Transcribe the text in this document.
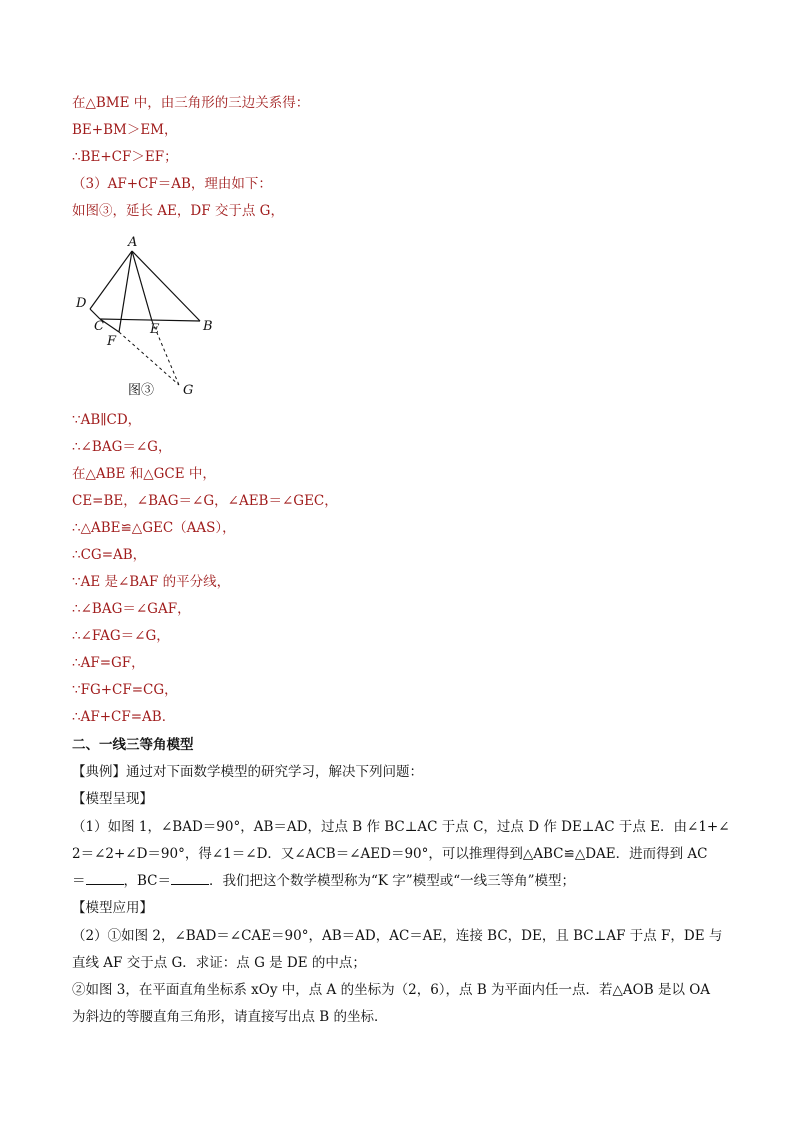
在△BME 中，由三角形的三边关系得：
BE+BM＞EM，
∴BE+CF＞EF；
（3）AF+CF＝AB，理由如下：
如图③，延长 AE，DF 交于点 G，
A
D
C	E	B
F
G
图③
∵AB∥CD，
∴∠BAG＝∠G，
在△ABE 和△GCE 中，
CE=BE，∠BAG＝∠G，∠AEB＝∠GEC，
∴△ABE≌△GEC（AAS），
∴CG=AB，
∵AE 是∠BAF 的平分线，
∴∠BAG＝∠GAF，
∴∠FAG＝∠G，
∴AF=GF，
∵FG+CF=CG，
∴AF+CF=AB．
二、一线三等角模型
【典例】通过对下面数学模型的研究学习，解决下列问题：
【模型呈现】
（1）如图 1，∠BAD＝90°，AB＝AD，过点 B 作 BC⊥AC 于点 C，过点 D 作 DE⊥AC 于点 E．由∠1+∠
2＝∠2+∠D＝90°，得∠1＝∠D．又∠ACB＝∠AED＝90°，可以推理得到△ABC≌△DAE．进而得到 AC
＝	，BC＝	．我们把这个数学模型称为“K 字”模型或“一线三等角”模型；
【模型应用】
（2）①如图 2，∠BAD＝∠CAE＝90°，AB＝AD，AC＝AE，连接 BC，DE，且 BC⊥AF 于点 F，DE 与
直线 AF 交于点 G．求证：点 G 是 DE 的中点；
②如图 3，在平面直角坐标系 xOy 中，点 A 的坐标为（2，6），点 B 为平面内任一点．若△AOB 是以 OA
为斜边的等腰直角三角形，请直接写出点 B 的坐标．
